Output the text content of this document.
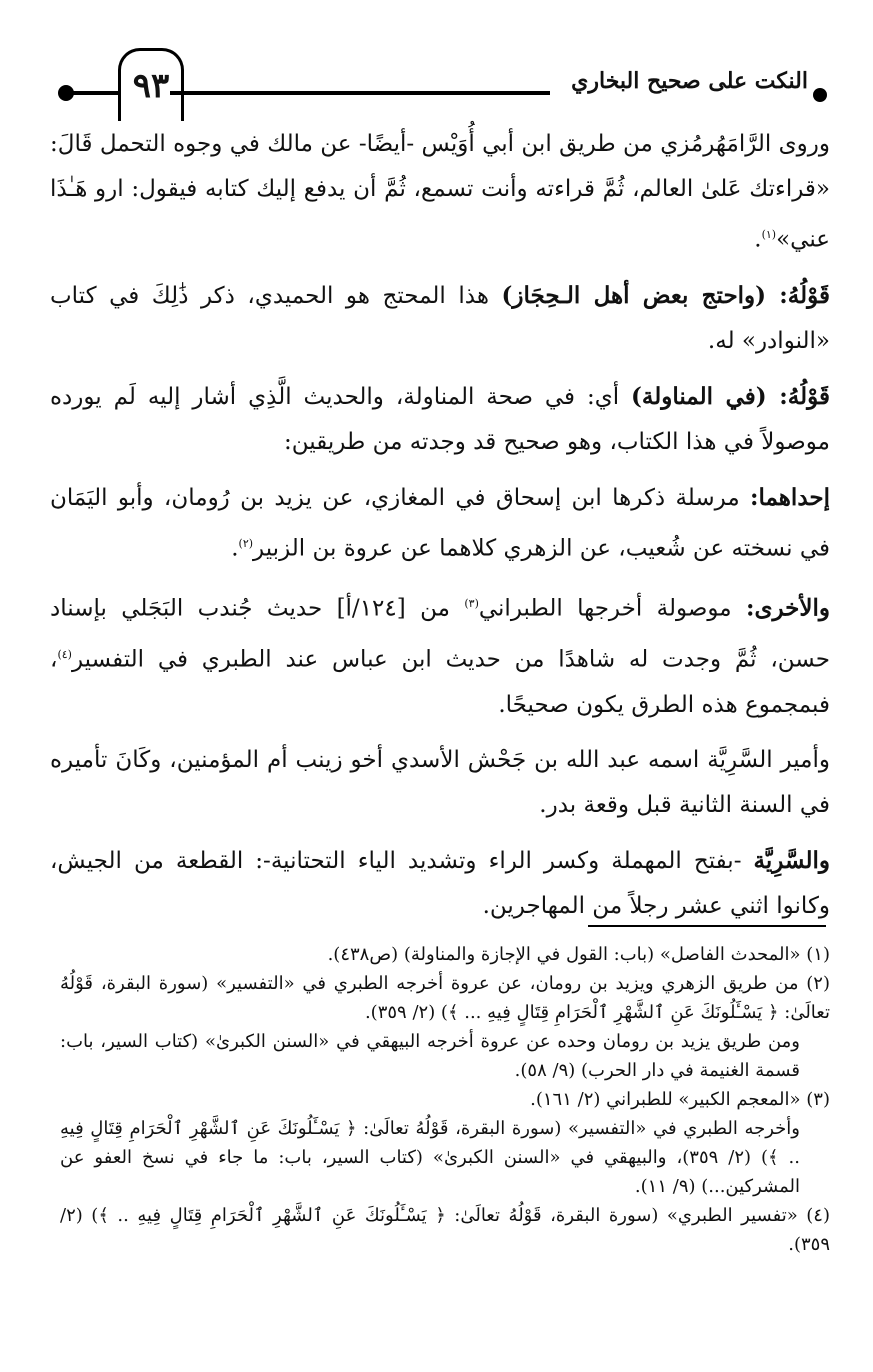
٩٣	النكت على صحيح البخاري

وروى الرَّامَهُرمُزي من طريق ابن أبي أُوَيْس -أيضًا- عن مالك في وجوه التحمل قَالَ: «قراءتك عَلىٰ العالم، ثُمَّ قراءته وأنت تسمع، ثُمَّ أن يدفع إليك كتابه فيقول: ارو هَـٰذَا عني»$^{(١)}$.

قَوْلُهُ: (واحتج بعض أهل الـحِجَاز) هذا المحتج هو الحميدي، ذكر ذَٰلِكَ في كتاب «النوادر» له.

قَوْلُهُ: (في المناولة) أي: في صحة المناولة، والحديث الَّذِي أشار إليه لَم يورده موصولاً في هذا الكتاب، وهو صحيح قد وجدته من طريقين:

إحداهما: مرسلة ذكرها ابن إسحاق في المغازي، عن يزيد بن رُومان، وأبو اليَمَان في نسخته عن شُعيب، عن الزهري كلاهما عن عروة بن الزبير$^{(٢)}$.

والأخرى: موصولة أخرجها الطبراني$^{(٣)}$ من [١٢٤/أ] حديث جُندب البَجَلي بإسناد حسن، ثُمَّ وجدت له شاهدًا من حديث ابن عباس عند الطبري في التفسير$^{(٤)}$، فبمجموع هذه الطرق يكون صحيحًا.

وأمير السَّرِيَّة اسمه عبد الله بن جَحْش الأسدي أخو زينب أم المؤمنين، وكَانَ تأميره في السنة الثانية قبل وقعة بدر.

والسَّرِيَّة -بفتح المهملة وكسر الراء وتشديد الياء التحتانية-: القطعة من الجيش، وكانوا اثني عشر رجلاً من المهاجرين.

(١) «المحدث الفاصل» (باب: القول في الإجازة والمناولة) (ص٤٣٨).

(٢) من طريق الزهري ويزيد بن رومان، عن عروة أخرجه الطبري في «التفسير» (سورة البقرة، قَوْلُهُ تعالَىٰ: ﴿ يَسْـَٔلُونَكَ عَنِ ٱلشَّهْرِ ٱلْحَرَامِ قِتَالٍ فِيهِ ... ﴾) (٢/ ٣٥٩).

ومن طريق يزيد بن رومان وحده عن عروة أخرجه البيهقي في «السنن الكبرىٰ» (كتاب السير، باب: قسمة الغنيمة في دار الحرب) (٩/ ٥٨).

(٣) «المعجم الكبير» للطبراني (٢/ ١٦١).

وأخرجه الطبري في «التفسير» (سورة البقرة، قَوْلُهُ تعالَىٰ: ﴿ يَسْـَٔلُونَكَ عَنِ ٱلشَّهْرِ ٱلْحَرَامِ قِتَالٍ فِيهِ .. ﴾) (٢/ ٣٥٩)، والبيهقي في «السنن الكبرىٰ» (كتاب السير، باب: ما جاء في نسخ العفو عن المشركين...) (٩/ ١١).

(٤) «تفسير الطبري» (سورة البقرة، قَوْلُهُ تعالَىٰ: ﴿ يَسْـَٔلُونَكَ عَنِ ٱلشَّهْرِ ٱلْحَرَامِ قِتَالٍ فِيهِ .. ﴾) (٢/ ٣٥٩).
